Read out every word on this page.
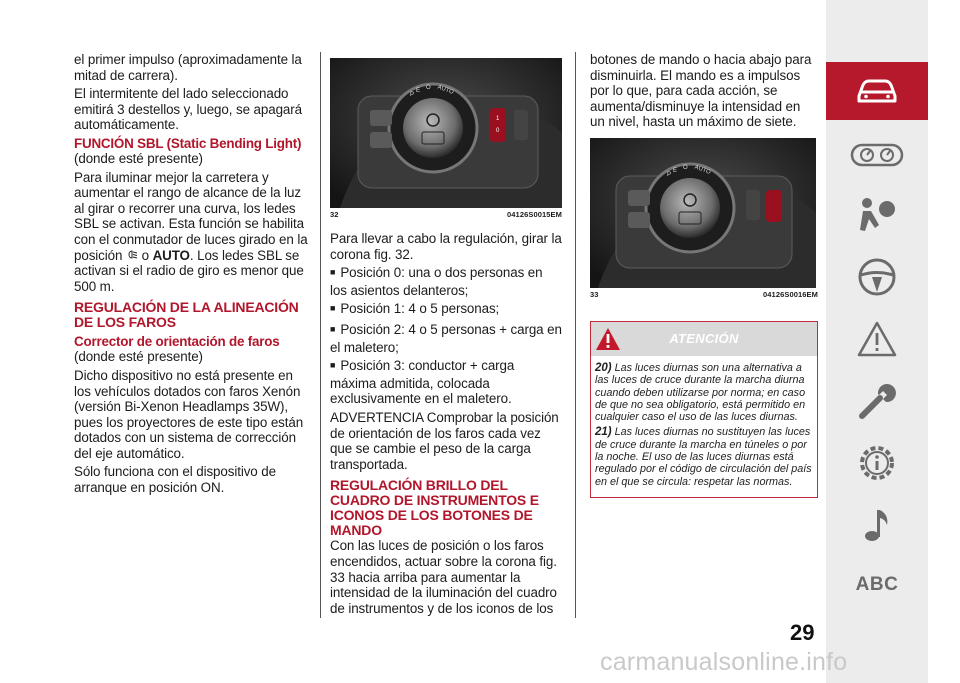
el primer impulso (aproximadamente la mitad de carrera).

El intermitente del lado seleccionado emitirá 3 destellos y, luego, se apagará automáticamente.

FUNCIÓN SBL (Static Bending Light)

(donde esté presente)

Para iluminar mejor la carretera y aumentar el rango de alcance de la luz al girar o recorrer una curva, los ledes SBL se activan. Esta función se habilita con el conmutador de luces girado en la posición o AUTO. Los ledes SBL se activan si el radio de giro es menor que 500 m.

REGULACIÓN DE LA ALINEACIÓN DE LOS FAROS
Corrector de orientación de faros

(donde esté presente)

Dicho dispositivo no está presente en los vehículos dotados con faros Xenón (versión Bi-Xenon Headlamps 35W), pues los proyectores de este tipo están dotados con un sistema de corrección del eje automático.

Sólo funciona con el dispositivo de arranque en posición ON.

P
E O AUTO
1
0
32	04126S0015EM

Para llevar a cabo la regulación, girar la corona fig. 32.

■ Posición 0: una o dos personas en los asientos delanteros;

■ Posición 1: 4 o 5 personas;

■ Posición 2: 4 o 5 personas + carga en el maletero;

■ Posición 3: conductor + carga máxima admitida, colocada exclusivamente en el maletero.

ADVERTENCIA Comprobar la posición de orientación de los faros cada vez que se cambie el peso de la carga transportada.

REGULACIÓN BRILLO DEL CUADRO DE INSTRUMENTOS E ICONOS DE LOS BOTONES DE MANDO

Con las luces de posición o los faros encendidos, actuar sobre la corona fig. 33 hacia arriba para aumentar la intensidad de la iluminación del cuadro de instrumentos y de los iconos de los

botones de mando o hacia abajo para disminuirla. El mando es a impulsos por lo que, para cada acción, se aumenta/disminuye la intensidad en un nivel, hasta un máximo de siete.

P
E O AUTO
33	04126S0016EM
ATENCIÓN

20) Las luces diurnas son una alternativa a las luces de cruce durante la marcha diurna cuando deben utilizarse por norma; en caso de que no sea obligatorio, está permitido en cualquier caso el uso de las luces diurnas.

21) Las luces diurnas no sustituyen las luces de cruce durante la marcha en túneles o por la noche. El uso de las luces diurnas está regulado por el código de circulación del país en el que se circula: respetar las normas.

ABC
29
carmanualsonline.info
